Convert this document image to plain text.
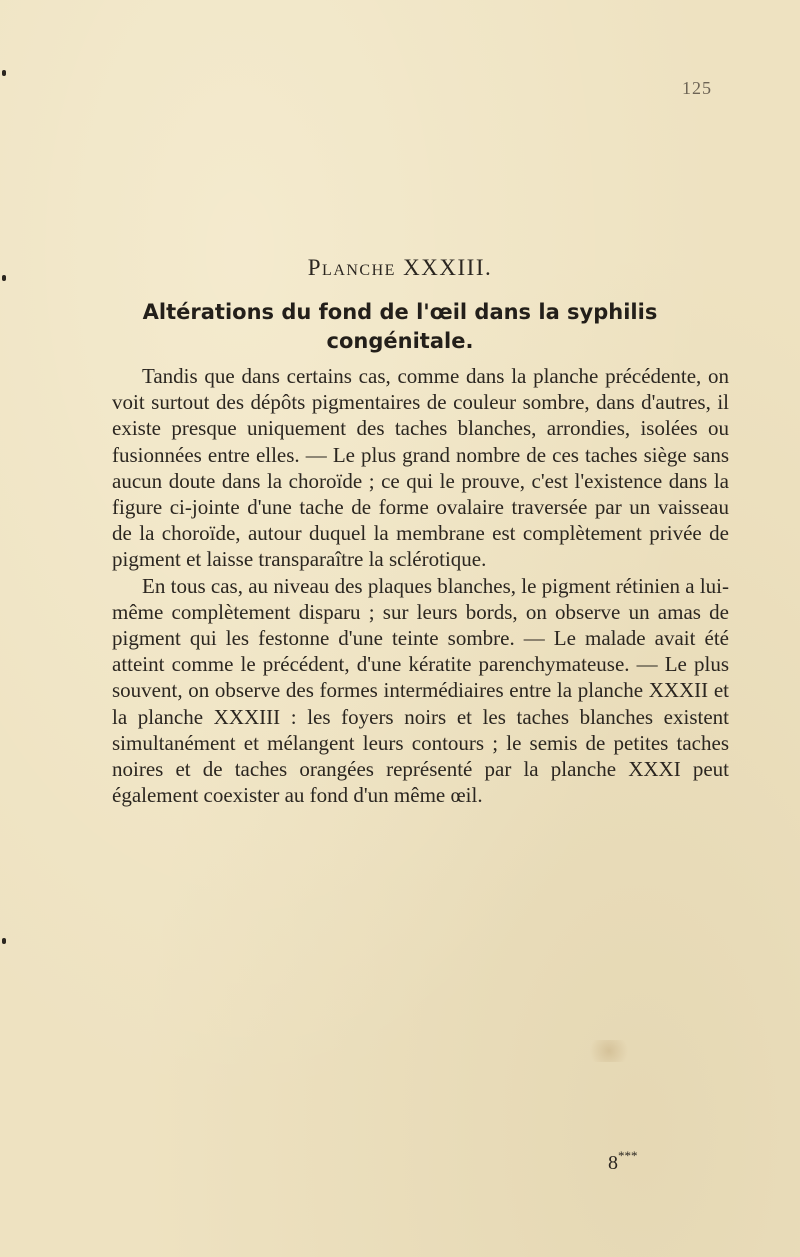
125
Planche XXXIII.
Altérations du fond de l'œil dans la syphilis congénitale.

Tandis que dans certains cas, comme dans la planche précédente, on voit surtout des dépôts pigmentaires de couleur sombre, dans d'autres, il existe presque uniquement des taches blanches, arrondies, isolées ou fusionnées entre elles. — Le plus grand nombre de ces taches siège sans aucun doute dans la choroïde ; ce qui le prouve, c'est l'existence dans la figure ci-jointe d'une tache de forme ovalaire traversée par un vaisseau de la choroïde, autour duquel la membrane est complètement privée de pigment et laisse transparaître la sclérotique.

En tous cas, au niveau des plaques blanches, le pigment rétinien a lui-même complètement disparu ; sur leurs bords, on observe un amas de pigment qui les festonne d'une teinte sombre. — Le malade avait été atteint comme le précédent, d'une kératite parenchymateuse. — Le plus souvent, on observe des formes intermédiaires entre la planche XXXII et la planche XXXIII : les foyers noirs et les taches blanches existent simultanément et mélangent leurs contours ; le semis de petites taches noires et de taches orangées représenté par la planche XXXI peut également coexister au fond d'un même œil.

8***
